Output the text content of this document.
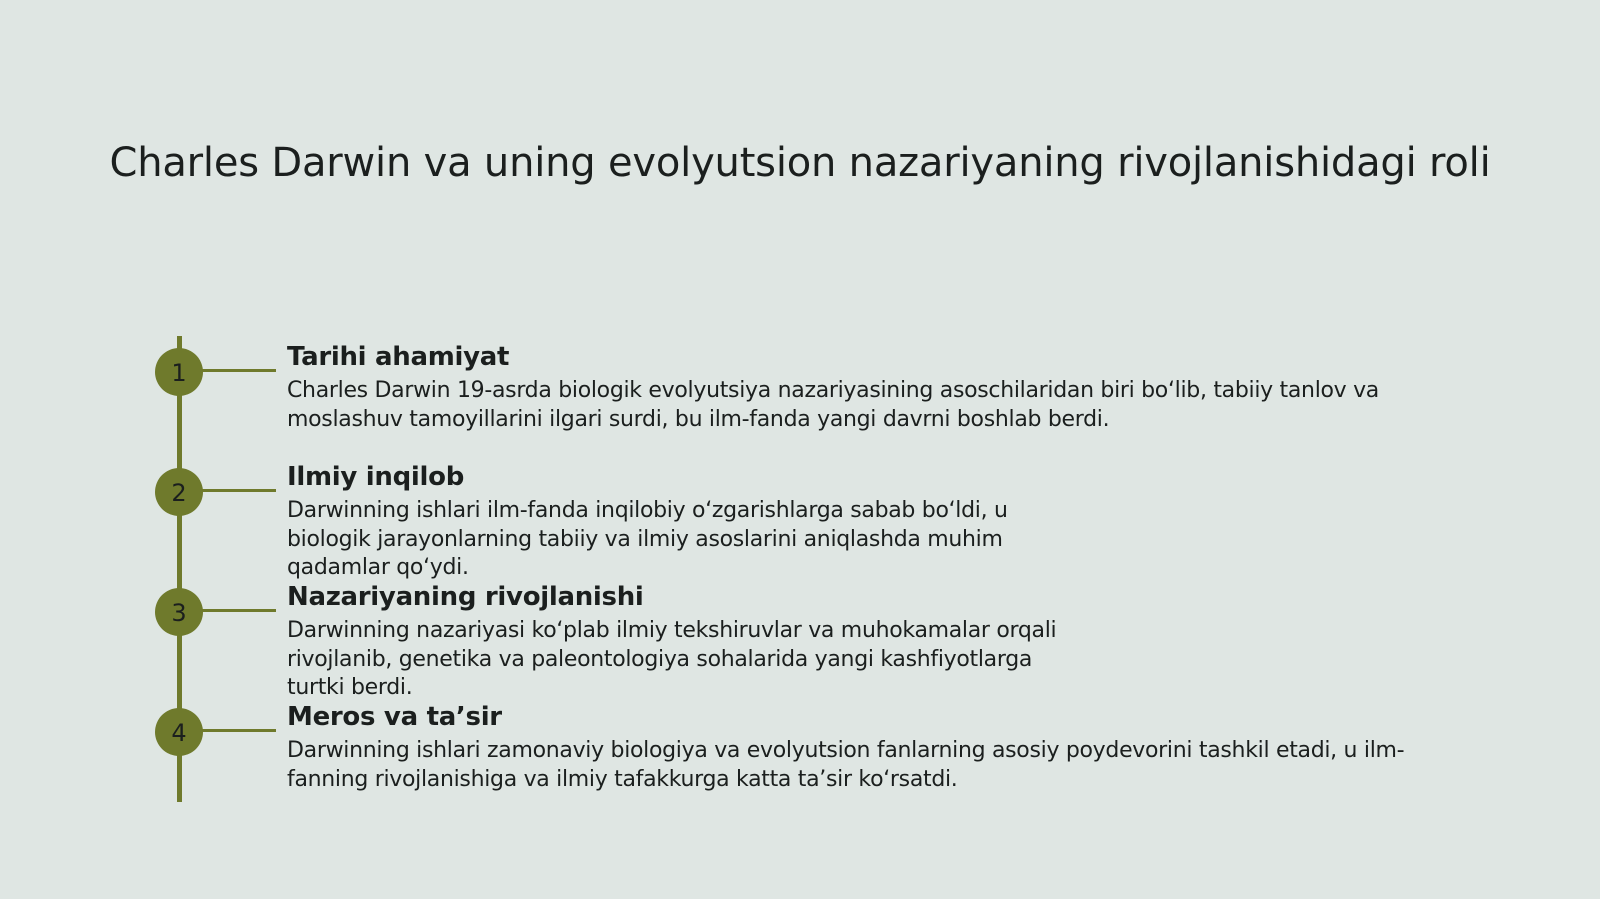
Charles Darwin va uning evolyutsion nazariyaning rivojlanishidagi roli
1
Tarihi ahamiyat

Charles Darwin 19-asrda biologik evolyutsiya nazariyasining asoschilaridan biri bo‘lib, tabiiy tanlov va moslashuv tamoyillarini ilgari surdi, bu ilm-fanda yangi davrni boshlab berdi.

2
Ilmiy inqilob

Darwinning ishlari ilm-fanda inqilobiy o‘zgarishlarga sabab bo‘ldi, u biologik jarayonlarning tabiiy va ilmiy asoslarini aniqlashda muhim qadamlar qo‘ydi.

3
Nazariyaning rivojlanishi

Darwinning nazariyasi ko‘plab ilmiy tekshiruvlar va muhokamalar orqali rivojlanib, genetika va paleontologiya sohalarida yangi kashfiyotlarga turtki berdi.

4
Meros va ta’sir

Darwinning ishlari zamonaviy biologiya va evolyutsion fanlarning asosiy poydevorini tashkil etadi, u ilm-fanning rivojlanishiga va ilmiy tafakkurga katta ta’sir ko‘rsatdi.
